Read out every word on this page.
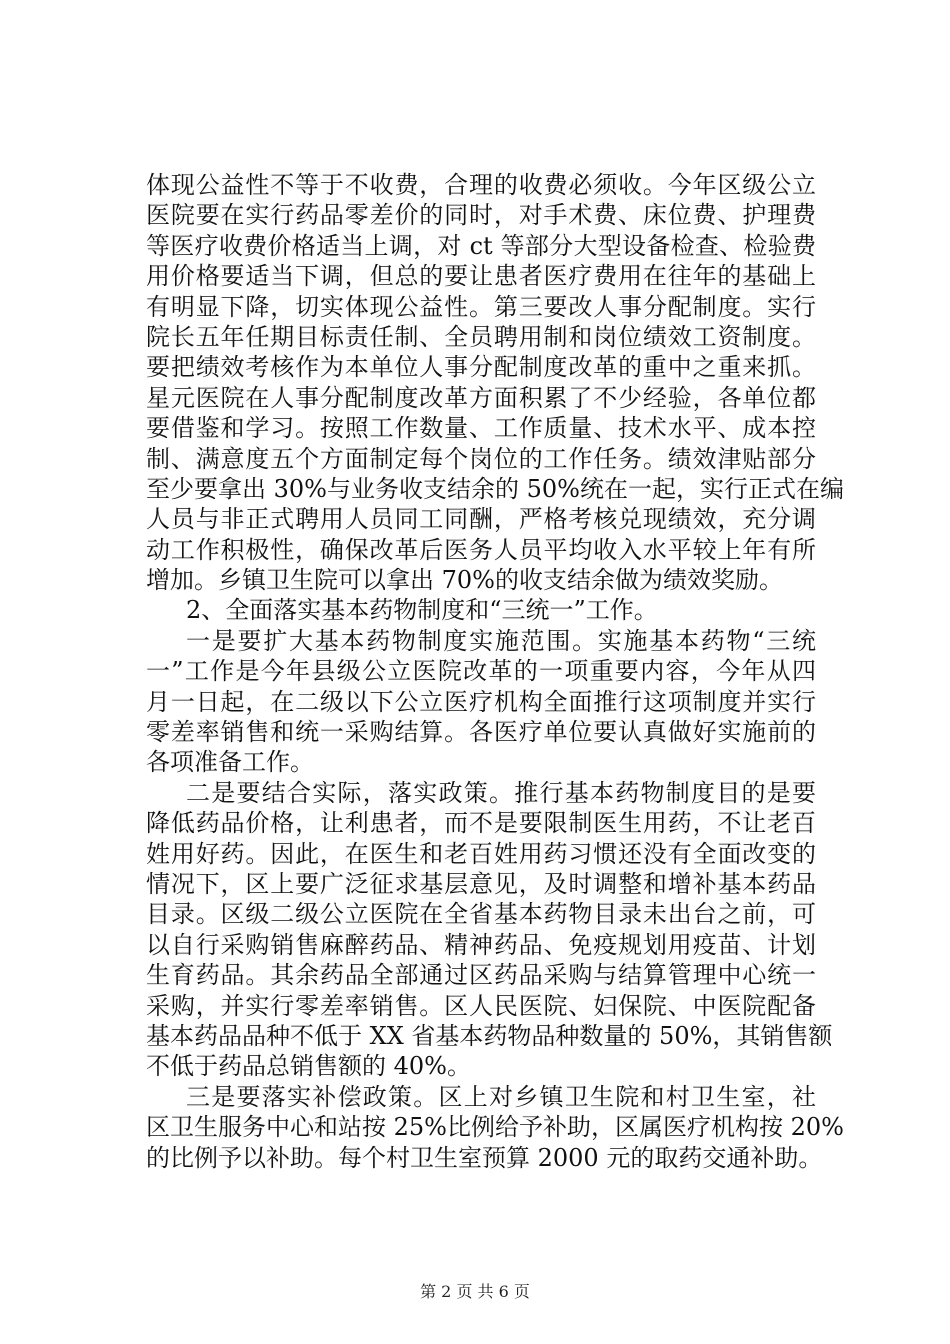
体现公益性不等于不收费，合理的收费必须收。今年区级公立
医院要在实行药品零差价的同时，对手术费、床位费、护理费
等医疗收费价格适当上调，对 ct 等部分大型设备检查、检验费
用价格要适当下调，但总的要让患者医疗费用在往年的基础上
有明显下降，切实体现公益性。第三要改人事分配制度。实行
院长五年任期目标责任制、全员聘用制和岗位绩效工资制度。
要把绩效考核作为本单位人事分配制度改革的重中之重来抓。
星元医院在人事分配制度改革方面积累了不少经验，各单位都
要借鉴和学习。按照工作数量、工作质量、技术水平、成本控
制、满意度五个方面制定每个岗位的工作任务。绩效津贴部分
至少要拿出 30%与业务收支结余的 50%统在一起，实行正式在编
人员与非正式聘用人员同工同酬，严格考核兑现绩效，充分调
动工作积极性，确保改革后医务人员平均收入水平较上年有所
增加。乡镇卫生院可以拿出 70%的收支结余做为绩效奖励。
2、全面落实基本药物制度和“三统一”工作。
一是要扩大基本药物制度实施范围。实施基本药物“三统
一”工作是今年县级公立医院改革的一项重要内容，今年从四
月一日起，在二级以下公立医疗机构全面推行这项制度并实行
零差率销售和统一采购结算。各医疗单位要认真做好实施前的
各项准备工作。
二是要结合实际，落实政策。推行基本药物制度目的是要
降低药品价格，让利患者，而不是要限制医生用药，不让老百
姓用好药。因此，在医生和老百姓用药习惯还没有全面改变的
情况下，区上要广泛征求基层意见，及时调整和增补基本药品
目录。区级二级公立医院在全省基本药物目录未出台之前，可
以自行采购销售麻醉药品、精神药品、免疫规划用疫苗、计划
生育药品。其余药品全部通过区药品采购与结算管理中心统一
采购，并实行零差率销售。区人民医院、妇保院、中医院配备
基本药品品种不低于 XX 省基本药物品种数量的 50%，其销售额
不低于药品总销售额的 40%。
三是要落实补偿政策。区上对乡镇卫生院和村卫生室，社
区卫生服务中心和站按 25%比例给予补助，区属医疗机构按 20%
的比例予以补助。每个村卫生室预算 2000 元的取药交通补助。
第 2 页 共 6 页
